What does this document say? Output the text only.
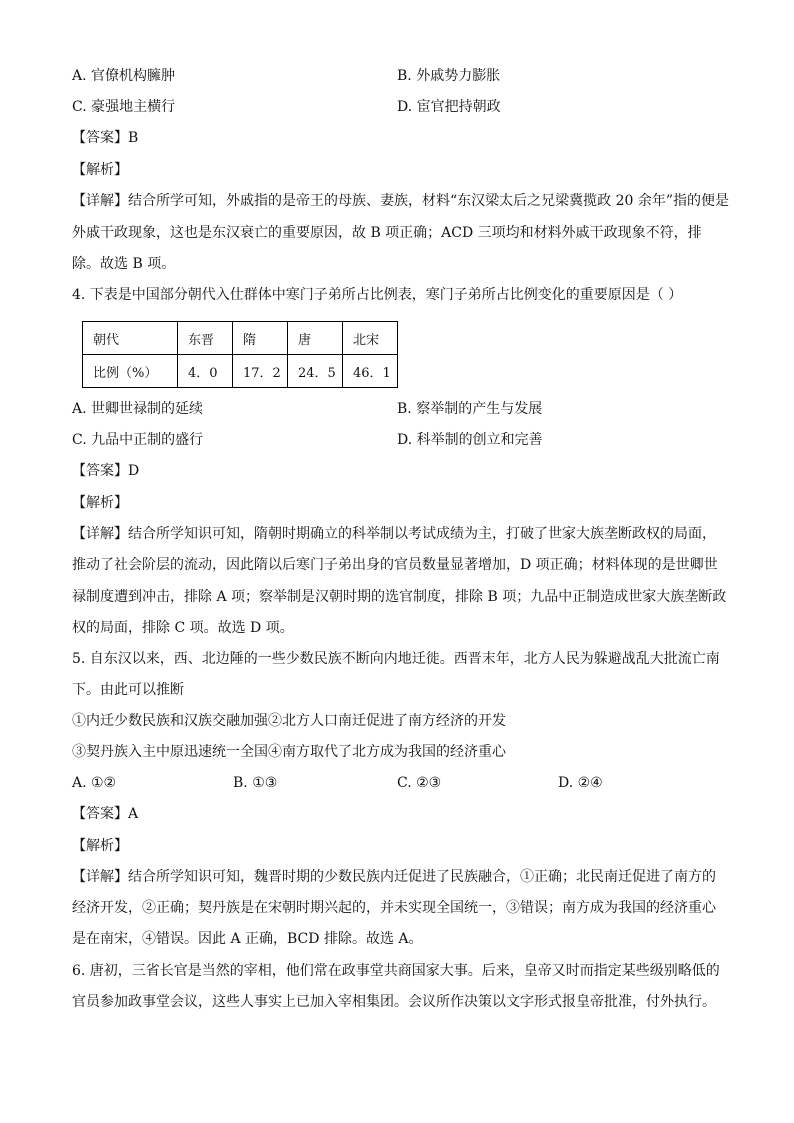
A. 官僚机构臃肿	B. 外戚势力膨胀
C. 豪强地主横行	D. 宦官把持朝政
【答案】B
【解析】
【详解】结合所学可知，外戚指的是帝王的母族、妻族，材料“东汉梁太后之兄梁冀揽政 20 余年”指的便是
外戚干政现象，这也是东汉衰亡的重要原因，故 B 项正确；ACD 三项均和材料外戚干政现象不符，排
除。故选 B 项。
4. 下表是中国部分朝代入仕群体中寒门子弟所占比例表，寒门子弟所占比例变化的重要原因是（ ）
朝代	东晋	隋	唐	北宋
比例（%）	4．0	17．2	24．5	46．1
A. 世卿世禄制的延续	B. 察举制的产生与发展
C. 九品中正制的盛行	D. 科举制的创立和完善
【答案】D
【解析】
【详解】结合所学知识可知，隋朝时期确立的科举制以考试成绩为主，打破了世家大族垄断政权的局面，
推动了社会阶层的流动，因此隋以后寒门子弟出身的官员数量显著增加，D 项正确；材料体现的是世卿世
禄制度遭到冲击，排除 A 项；察举制是汉朝时期的选官制度，排除 B 项；九品中正制造成世家大族垄断政
权的局面，排除 C 项。故选 D 项。
5. 自东汉以来，西、北边陲的一些少数民族不断向内地迁徙。西晋末年，北方人民为躲避战乱大批流亡南
下。由此可以推断
①内迁少数民族和汉族交融加强②北方人口南迁促进了南方经济的开发
③契丹族入主中原迅速统一全国④南方取代了北方成为我国的经济重心
A. ①②	B. ①③	C. ②③	D. ②④
【答案】A
【解析】
【详解】结合所学知识可知，魏晋时期的少数民族内迁促进了民族融合，①正确；北民南迁促进了南方的
经济开发，②正确；契丹族是在宋朝时期兴起的，并未实现全国统一，③错误；南方成为我国的经济重心
是在南宋，④错误。因此 A 正确，BCD 排除。故选 A。
6. 唐初，三省长官是当然的宰相，他们常在政事堂共商国家大事。后来，皇帝又时而指定某些级别略低的
官员参加政事堂会议，这些人事实上已加入宰相集团。会议所作决策以文字形式报皇帝批准，付外执行。
